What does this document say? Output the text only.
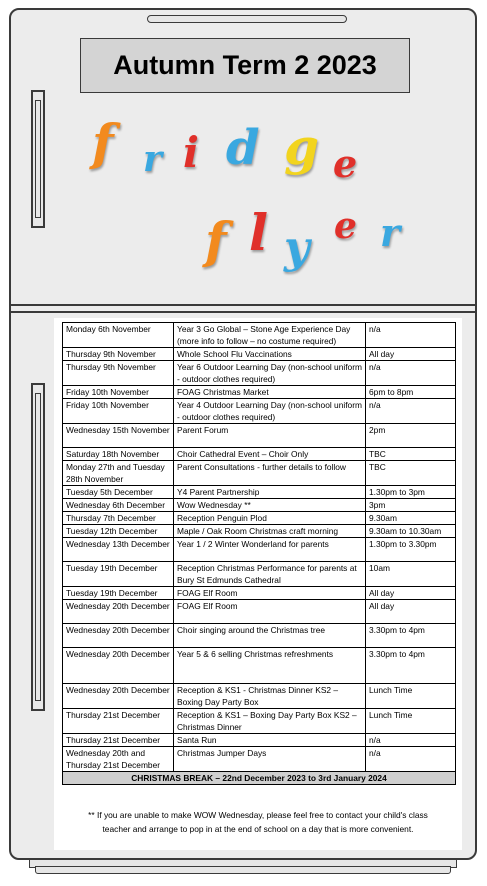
Autumn Term 2 2023
f r i d g e
f l y e r
Monday 6th November	Year 3 Go Global – Stone Age Experience Day (more info to follow – no costume required)	n/a
Thursday 9th November	Whole School Flu Vaccinations	All day
Thursday 9th November	Year 6 Outdoor Learning Day (non-school uniform - outdoor clothes required)	n/a
Friday 10th November	FOAG Christmas Market	6pm to 8pm
Friday 10th November	Year 4 Outdoor Learning Day (non-school uniform - outdoor clothes required)	n/a
Wednesday 15th November	Parent Forum	2pm
Saturday 18th November	Choir Cathedral Event – Choir Only	TBC
Monday 27th and Tuesday 28th November	Parent Consultations - further details to follow	TBC
Tuesday 5th December	Y4 Parent Partnership	1.30pm to 3pm
Wednesday 6th December	Wow Wednesday **	3pm
Thursday 7th December	Reception Penguin Plod	9.30am
Tuesday 12th December	Maple / Oak Room Christmas craft morning	9.30am to 10.30am
Wednesday 13th December	Year 1 / 2 Winter Wonderland for parents	1.30pm to 3.30pm
Tuesday 19th December	Reception Christmas Performance for parents at Bury St Edmunds Cathedral	10am
Tuesday 19th December	FOAG Elf Room	All day
Wednesday 20th December	FOAG Elf Room	All day
Wednesday 20th December	Choir singing around the Christmas tree	3.30pm to 4pm
Wednesday 20th December	Year 5 & 6 selling Christmas refreshments	3.30pm to 4pm
Wednesday 20th December	Reception & KS1 - Christmas Dinner KS2 – Boxing Day Party Box	Lunch Time
Thursday 21st December	Reception & KS1 – Boxing Day Party Box KS2 – Christmas Dinner	Lunch Time
Thursday 21st December	Santa Run	n/a
Wednesday 20th and Thursday 21st December	Christmas Jumper Days	n/a
CHRISTMAS BREAK – 22nd December 2023 to 3rd January 2024		
** If you are unable to make WOW Wednesday, please feel free to contact your child's class teacher and arrange to pop in at the end of school on a day that is more convenient.
